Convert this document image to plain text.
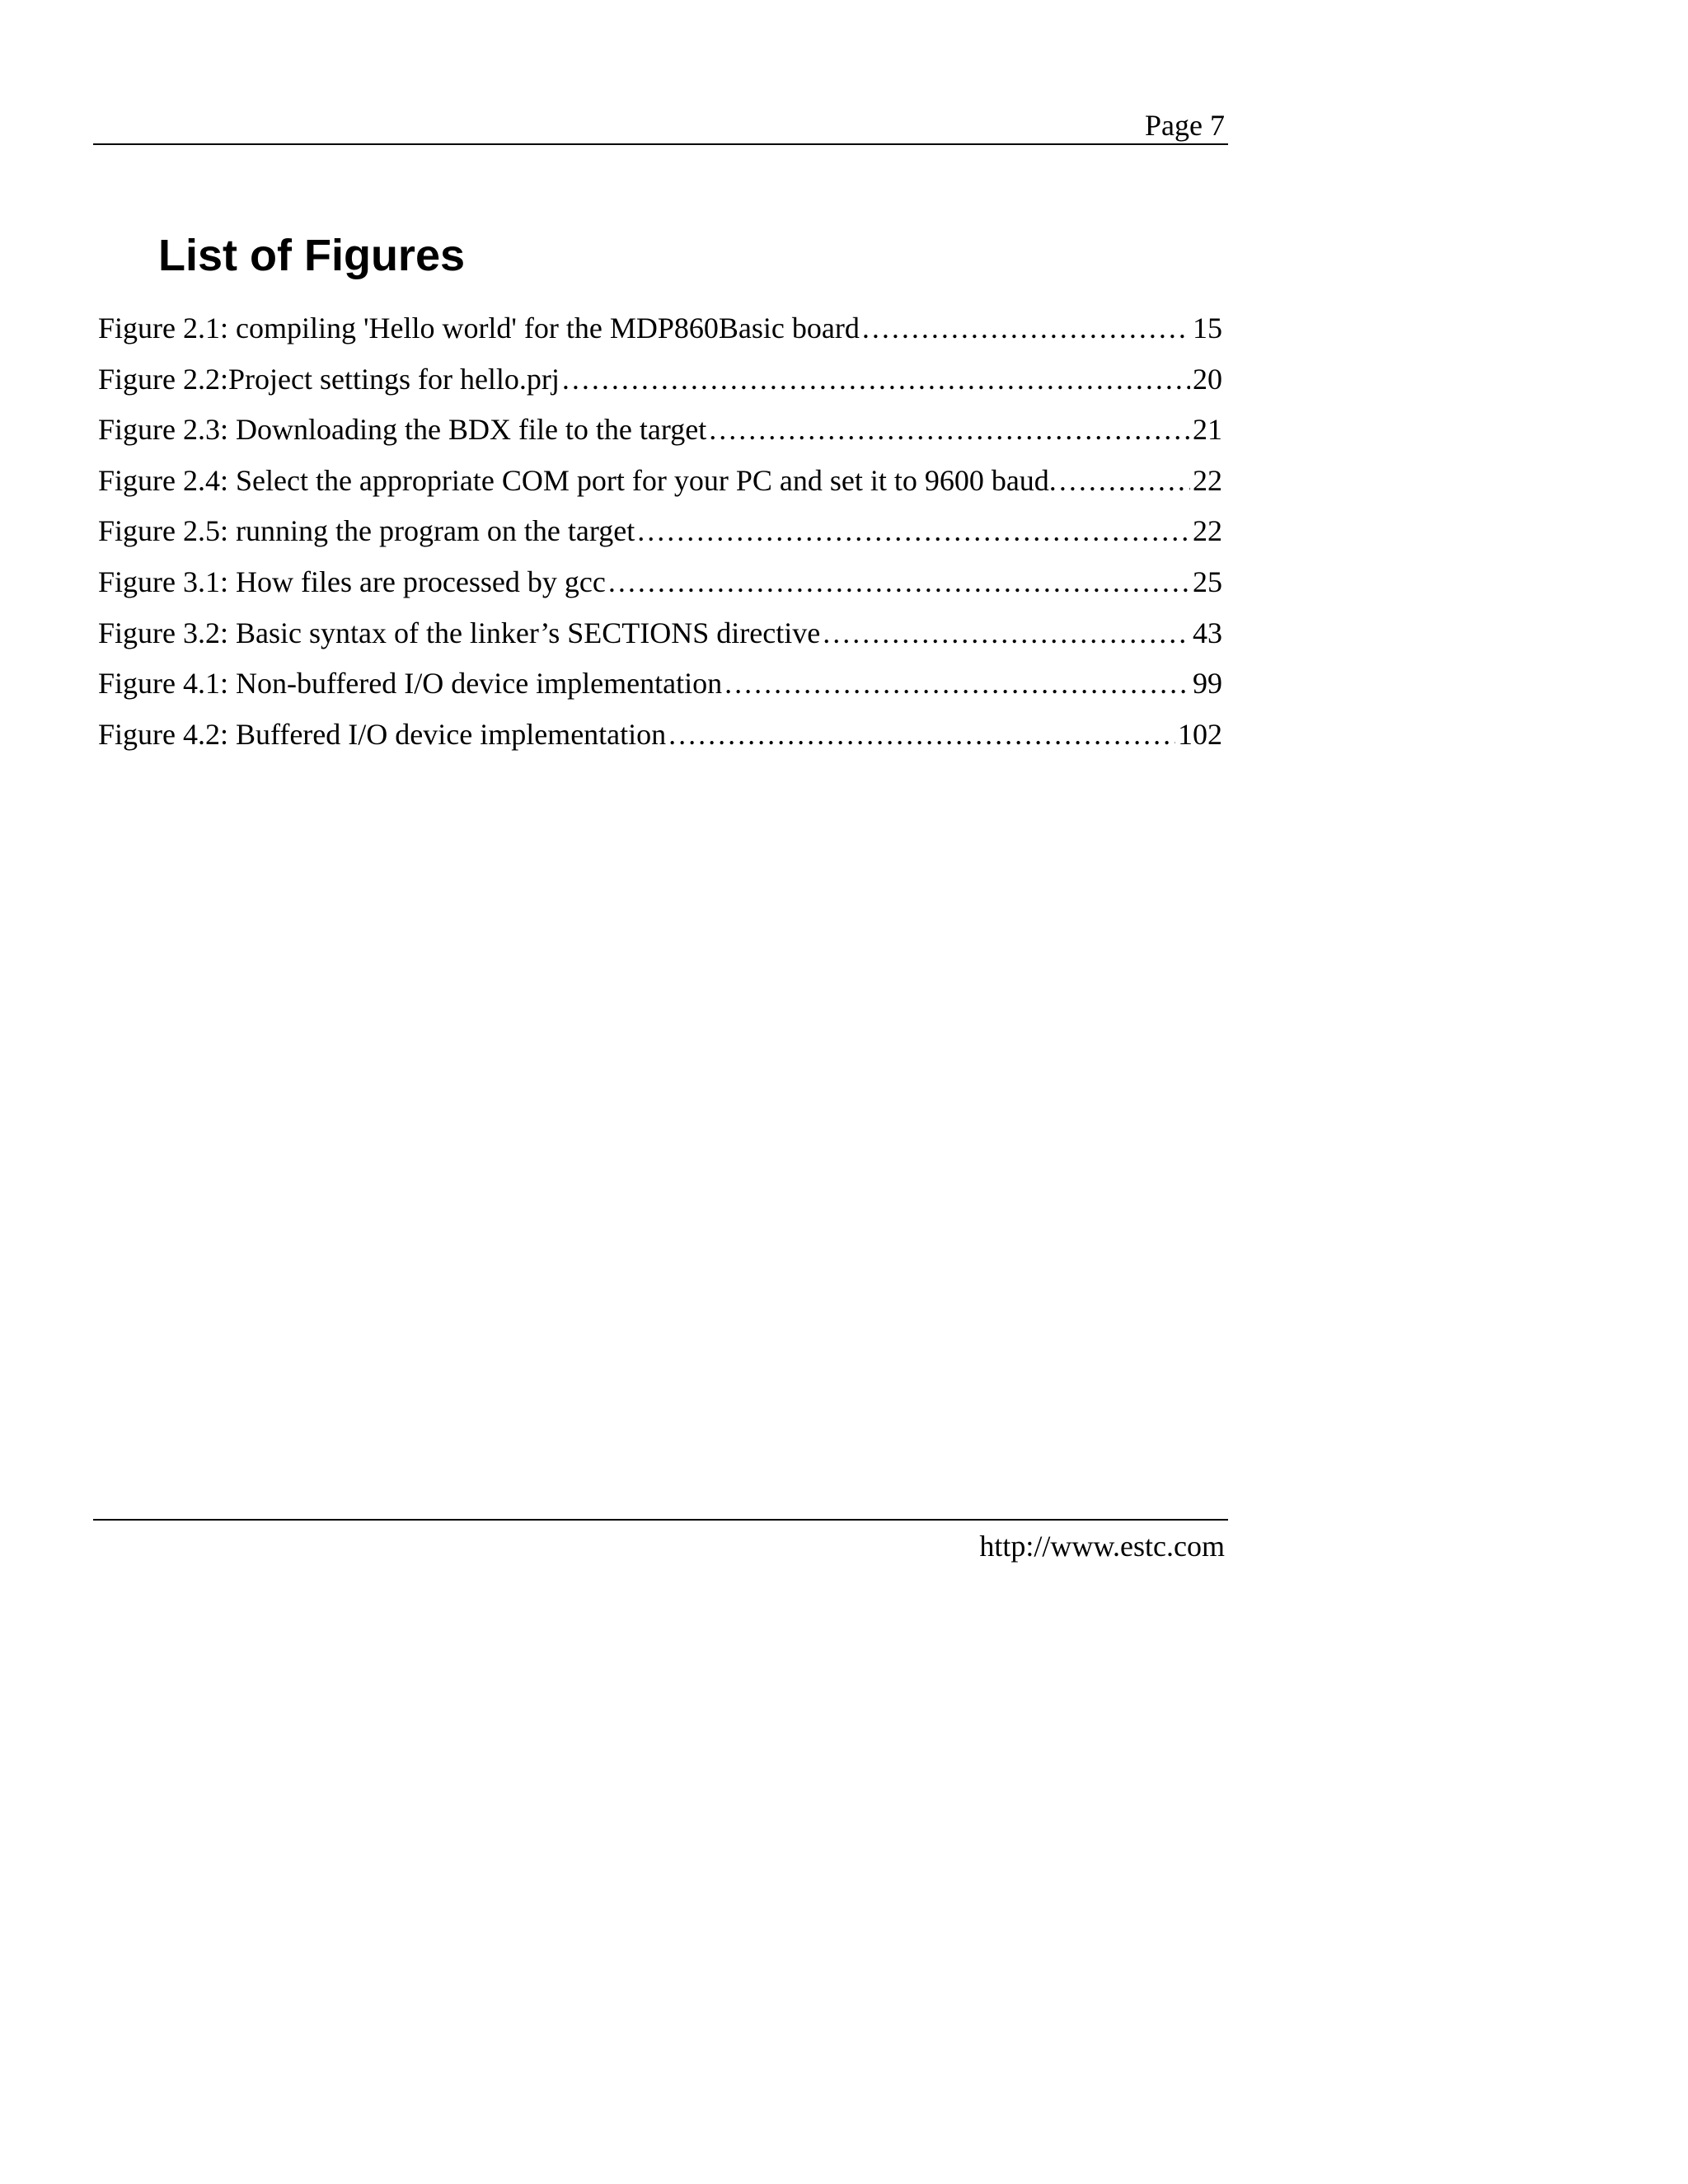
Page 7
List of Figures
Figure 2.1: compiling 'Hello world' for the MDP860Basic board . . .	15
Figure 2.2:Project settings for hello.prj . . .	20
Figure 2.3: Downloading the BDX file to the target . . .	21
Figure 2.4: Select the appropriate COM port for your PC and set it to 9600 baud. . . .	22
Figure 2.5: running the program on the target . . .	22
Figure 3.1: How files are processed by gcc . . .	25
Figure 3.2: Basic syntax of the linker’s SECTIONS directive . . .	43
Figure 4.1: Non-buffered I/O device implementation . . .	99
Figure 4.2: Buffered I/O device implementation . . .	102
http://www.estc.com
